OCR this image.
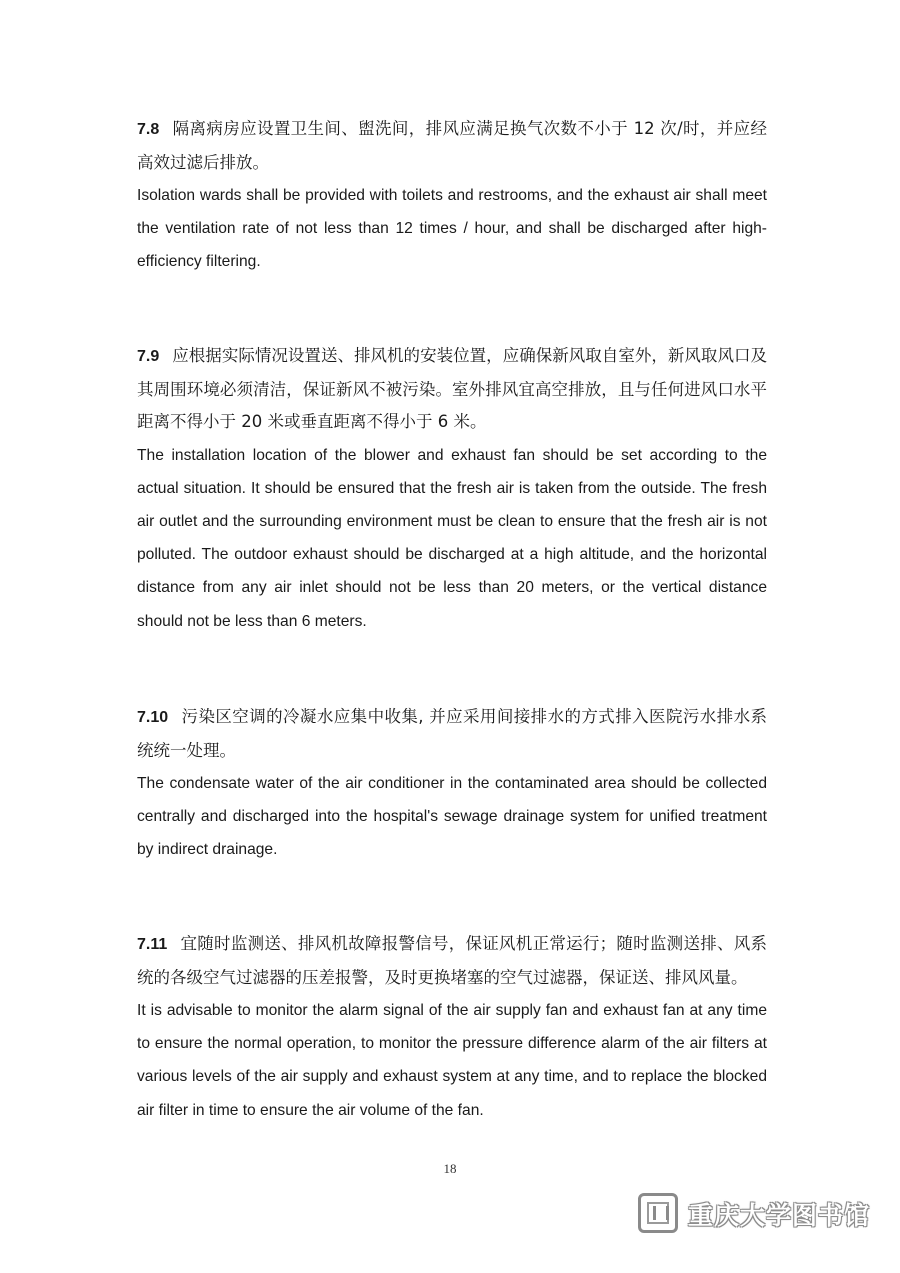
7.8 隔离病房应设置卫生间、盥洗间，排风应满足换气次数不小于 12 次/时，并应经高效过滤后排放。

Isolation wards shall be provided with toilets and restrooms, and the exhaust air shall meet the ventilation rate of not less than 12 times / hour, and shall be discharged after high-efficiency filtering.

7.9 应根据实际情况设置送、排风机的安装位置，应确保新风取自室外，新风取风口及其周围环境必须清洁，保证新风不被污染。室外排风宜高空排放，且与任何进风口水平距离不得小于 20 米或垂直距离不得小于 6 米。

The installation location of the blower and exhaust fan should be set according to the actual situation. It should be ensured that the fresh air is taken from the outside. The fresh air outlet and the surrounding environment must be clean to ensure that the fresh air is not polluted. The outdoor exhaust should be discharged at a high altitude, and the horizontal distance from any air inlet should not be less than 20 meters, or the vertical distance should not be less than 6 meters.

7.10 污染区空调的冷凝水应集中收集, 并应采用间接排水的方式排入医院污水排水系统统一处理。

The condensate water of the air conditioner in the contaminated area should be collected centrally and discharged into the hospital's sewage drainage system for unified treatment by indirect drainage.

7.11 宜随时监测送、排风机故障报警信号，保证风机正常运行；随时监测送排、风系统的各级空气过滤器的压差报警，及时更换堵塞的空气过滤器，保证送、排风风量。

It is advisable to monitor the alarm signal of the air supply fan and exhaust fan at any time to ensure the normal operation, to monitor the pressure difference alarm of the air filters at various levels of the air supply and exhaust system at any time, and to replace the blocked air filter in time to ensure the air volume of the fan.

18
重庆大学图书馆
